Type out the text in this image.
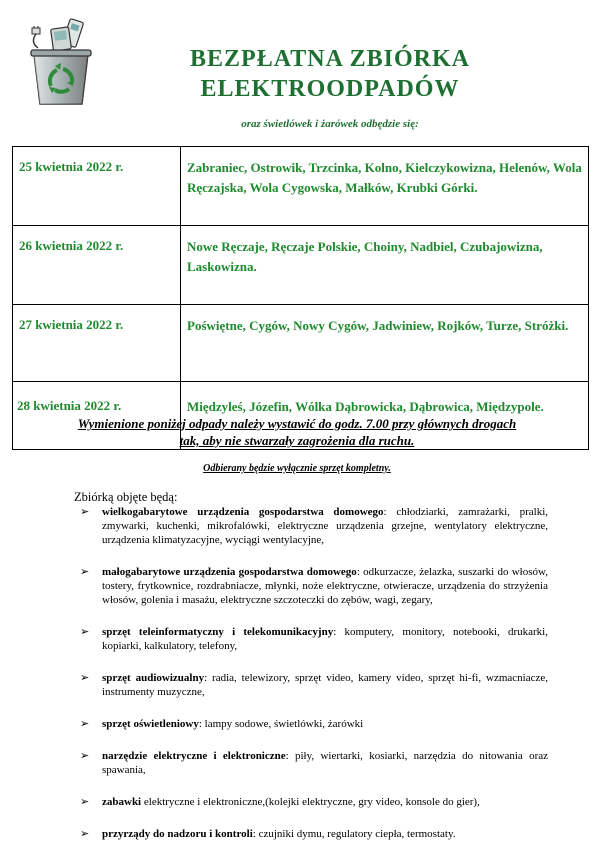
BEZPŁATNA ZBIÓRKA
ELEKTROODPADÓW
oraz świetlówek i żarówek odbędzie się:
25 kwietnia 2022 r.	Zabraniec, Ostrowik, Trzcinka, Kolno, Kielczykowizna, Helenów, Wola Ręczajska, Wola Cygowska, Małków, Krubki Górki.
26 kwietnia 2022 r.	Nowe Ręczaje, Ręczaje Polskie, Choiny, Nadbiel, Czubajowizna, Laskowizna.
27 kwietnia 2022 r.	Poświętne, Cygów, Nowy Cygów, Jadwiniew, Rojków, Turze, Stróżki.
28 kwietnia 2022 r.	Międzyleś, Józefin, Wólka Dąbrowicka, Dąbrowica, Międzypole.
Wymienione poniżej odpady należy wystawić do godz. 7.00 przy głównych drogach
tak, aby nie stwarzały zagrożenia dla ruchu.
Odbierany będzie wyłącznie sprzęt kompletny.
Zbiórką objęte będą:
➢ wielkogabarytowe urządzenia gospodarstwa domowego: chłodziarki, zamrażarki, pralki, zmywarki, kuchenki, mikrofalówki, elektryczne urządzenia grzejne, wentylatory elektryczne, urządzenia klimatyzacyjne, wyciągi wentylacyjne,
➢ małogabarytowe urządzenia gospodarstwa domowego: odkurzacze, żelazka, suszarki do włosów, tostery, frytkownice, rozdrabniacze, młynki, noże elektryczne, otwieracze, urządzenia do strzyżenia włosów, golenia i masażu, elektryczne szczoteczki do zębów, wagi, zegary,
➢ sprzęt teleinformatyczny i telekomunikacyjny: komputery, monitory, notebooki, drukarki, kopiarki, kalkulatory, telefony,
➢ sprzęt audiowizualny: radia, telewizory, sprzęt video, kamery video, sprzęt hi-fi, wzmacniacze, instrumenty muzyczne,
➢ sprzęt oświetleniowy: lampy sodowe, świetlówki, żarówki
➢ narzędzie elektryczne i elektroniczne: piły, wiertarki, kosiarki, narzędzia do nitowania oraz spawania,
➢ zabawki elektryczne i elektroniczne,(kolejki elektryczne, gry video, konsole do gier),
➢ przyrządy do nadzoru i kontroli: czujniki dymu, regulatory ciepła, termostaty.
